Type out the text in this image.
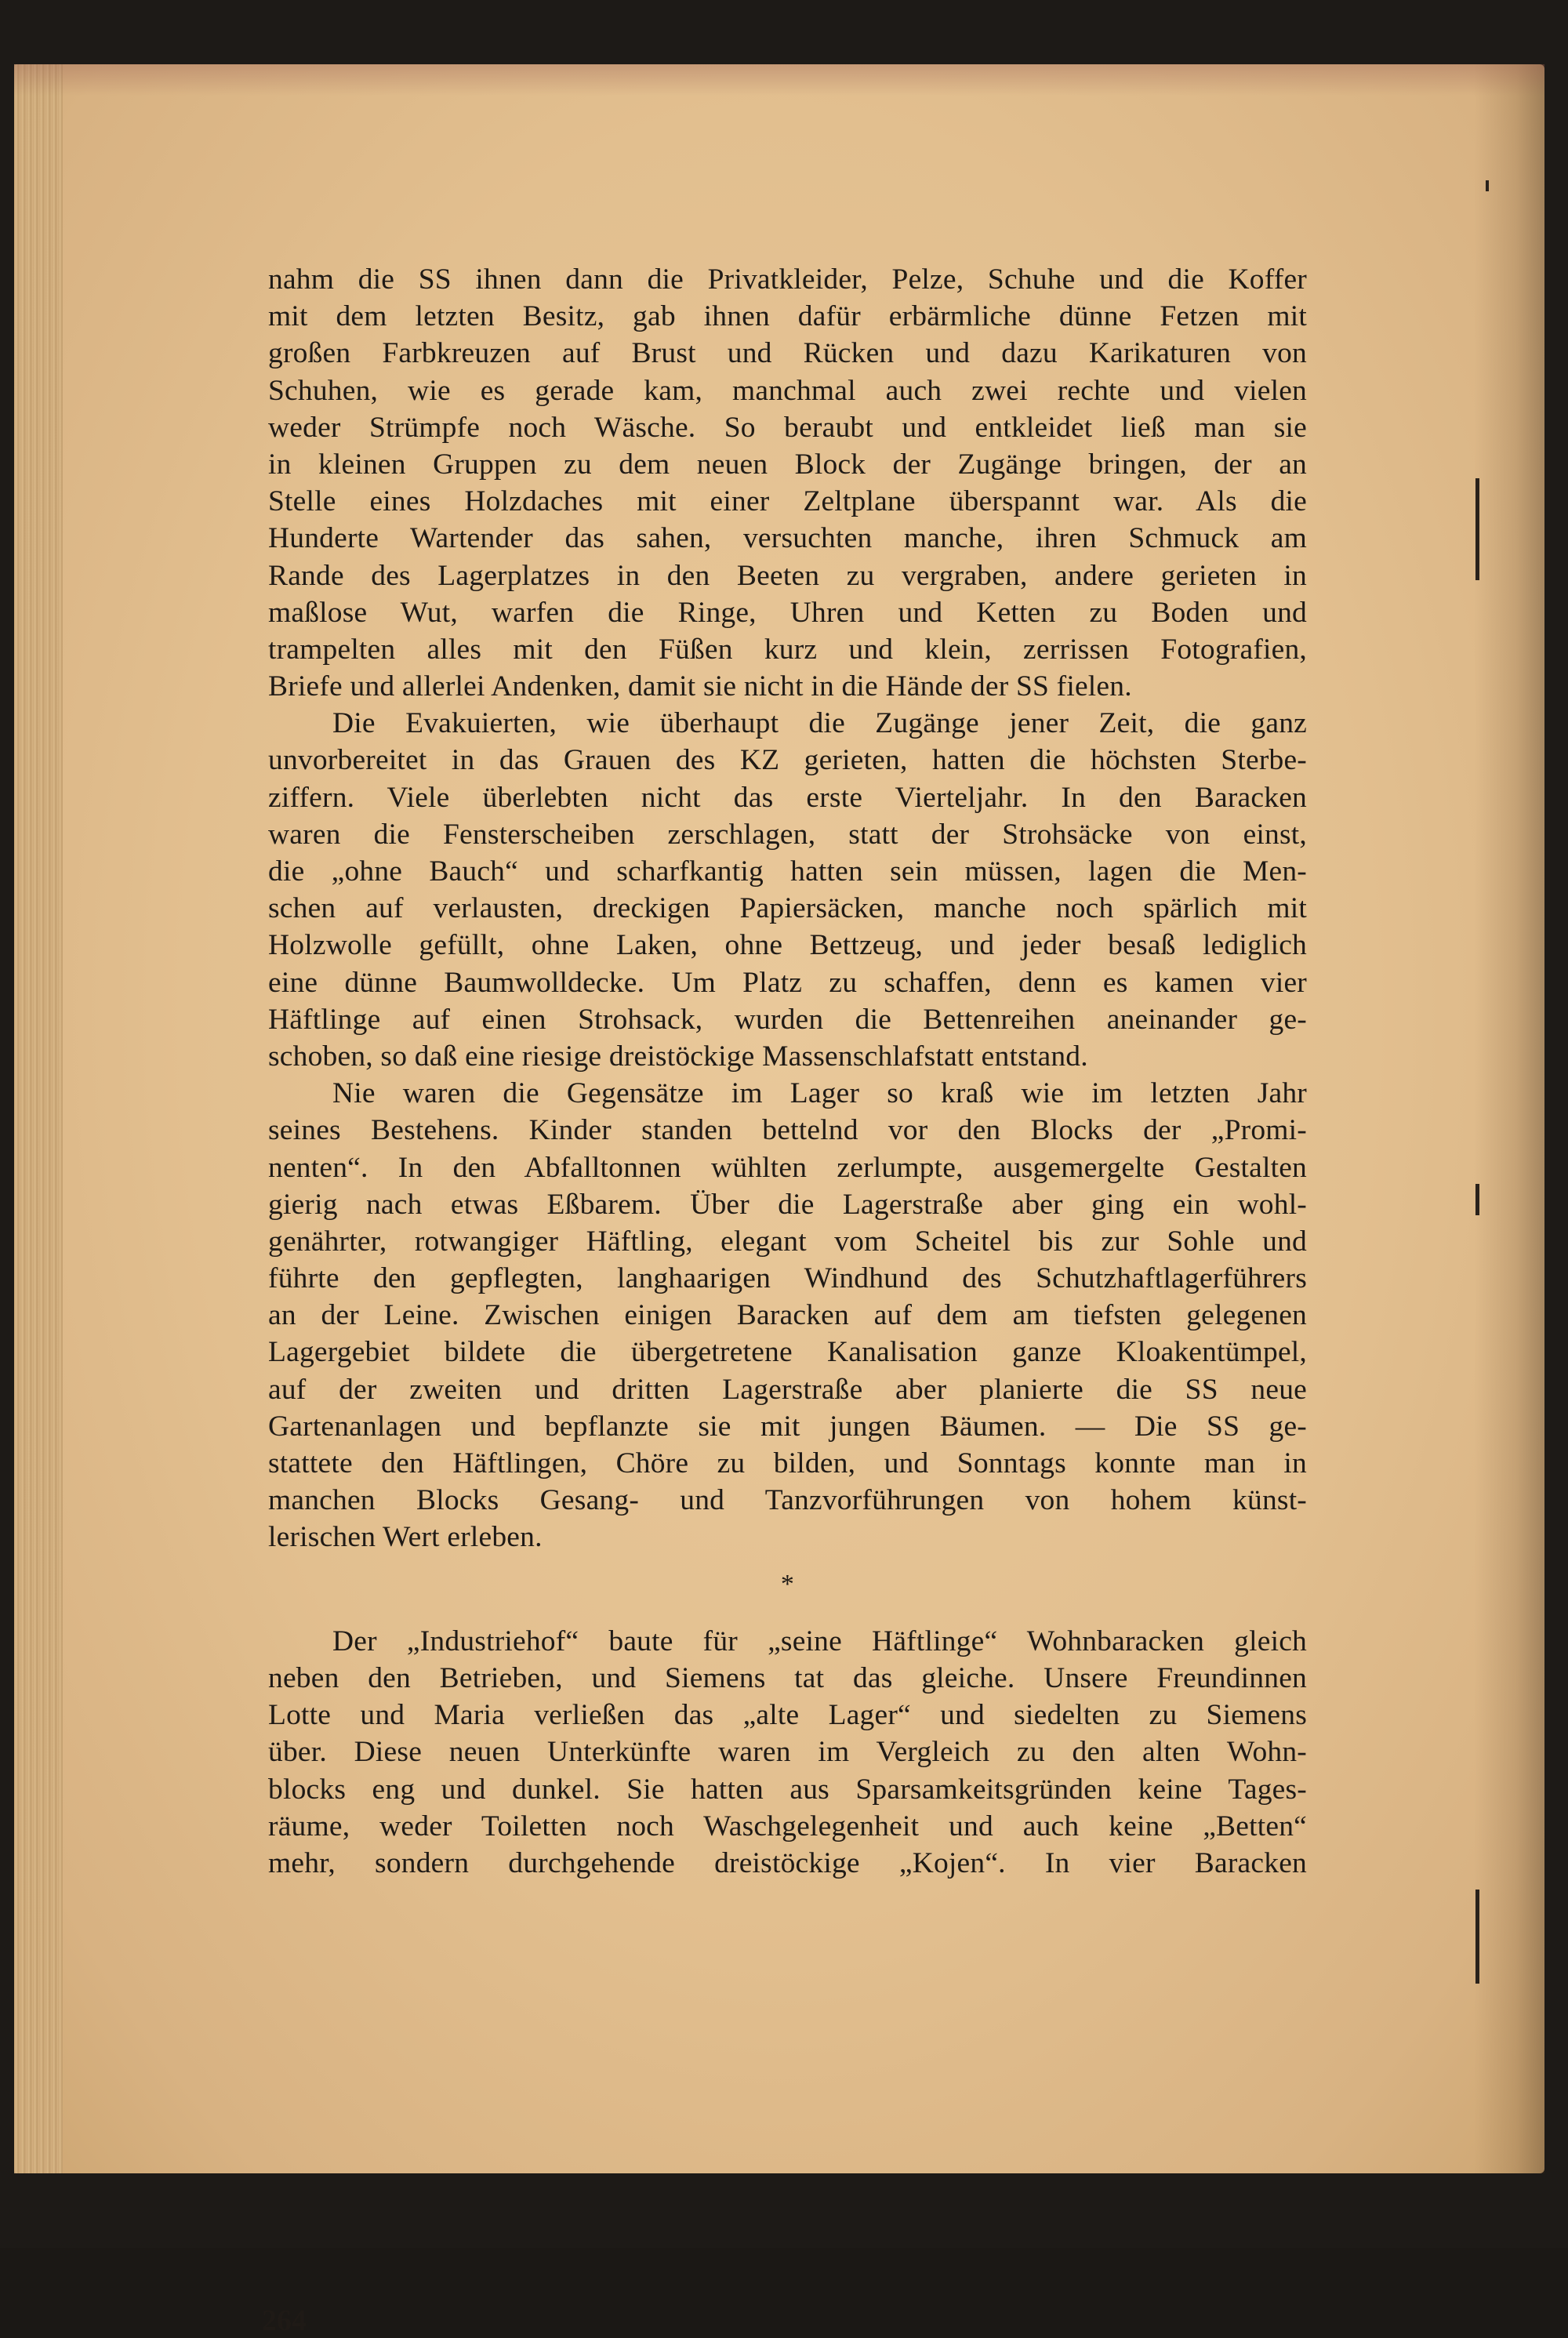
nahm die SS ihnen dann die Privatkleider, Pelze, Schuhe und die Koffer
mit dem letzten Besitz, gab ihnen dafür erbärmliche dünne Fetzen mit
großen Farbkreuzen auf Brust und Rücken und dazu Karikaturen von
Schuhen, wie es gerade kam, manchmal auch zwei rechte und vielen
weder Strümpfe noch Wäsche. So beraubt und entkleidet ließ man sie
in kleinen Gruppen zu dem neuen Block der Zugänge bringen, der an
Stelle eines Holzdaches mit einer Zeltplane überspannt war. Als die
Hunderte Wartender das sahen, versuchten manche, ihren Schmuck am
Rande des Lagerplatzes in den Beeten zu vergraben, andere gerieten in
maßlose Wut, warfen die Ringe, Uhren und Ketten zu Boden und
trampelten alles mit den Füßen kurz und klein, zerrissen Fotografien,
Briefe und allerlei Andenken, damit sie nicht in die Hände der SS fielen.
Die Evakuierten, wie überhaupt die Zugänge jener Zeit, die ganz
unvorbereitet in das Grauen des KZ gerieten, hatten die höchsten Sterbe-
ziffern. Viele überlebten nicht das erste Vierteljahr. In den Baracken
waren die Fensterscheiben zerschlagen, statt der Strohsäcke von einst,
die „ohne Bauch“ und scharfkantig hatten sein müssen, lagen die Men-
schen auf verlausten, dreckigen Papiersäcken, manche noch spärlich mit
Holzwolle gefüllt, ohne Laken, ohne Bettzeug, und jeder besaß lediglich
eine dünne Baumwolldecke. Um Platz zu schaffen, denn es kamen vier
Häftlinge auf einen Strohsack, wurden die Bettenreihen aneinander ge-
schoben, so daß eine riesige dreistöckige Massenschlafstatt entstand.
Nie waren die Gegensätze im Lager so kraß wie im letzten Jahr
seines Bestehens. Kinder standen bettelnd vor den Blocks der „Promi-
nenten“. In den Abfalltonnen wühlten zerlumpte, ausgemergelte Gestalten
gierig nach etwas Eßbarem. Über die Lagerstraße aber ging ein wohl-
genährter, rotwangiger Häftling, elegant vom Scheitel bis zur Sohle und
führte den gepflegten, langhaarigen Windhund des Schutzhaftlagerführers
an der Leine. Zwischen einigen Baracken auf dem am tiefsten gelegenen
Lagergebiet bildete die übergetretene Kanalisation ganze Kloakentümpel,
auf der zweiten und dritten Lagerstraße aber planierte die SS neue
Gartenanlagen und bepflanzte sie mit jungen Bäumen. — Die SS ge-
stattete den Häftlingen, Chöre zu bilden, und Sonntags konnte man in
manchen Blocks Gesang- und Tanzvorführungen von hohem künst-
lerischen Wert erleben.
*
Der „Industriehof“ baute für „seine Häftlinge“ Wohnbaracken gleich
neben den Betrieben, und Siemens tat das gleiche. Unsere Freundinnen
Lotte und Maria verließen das „alte Lager“ und siedelten zu Siemens
über. Diese neuen Unterkünfte waren im Vergleich zu den alten Wohn-
blocks eng und dunkel. Sie hatten aus Sparsamkeitsgründen keine Tages-
räume, weder Toiletten noch Waschgelegenheit und auch keine „Betten“
mehr, sondern durchgehende dreistöckige „Kojen“. In vier Baracken
264
